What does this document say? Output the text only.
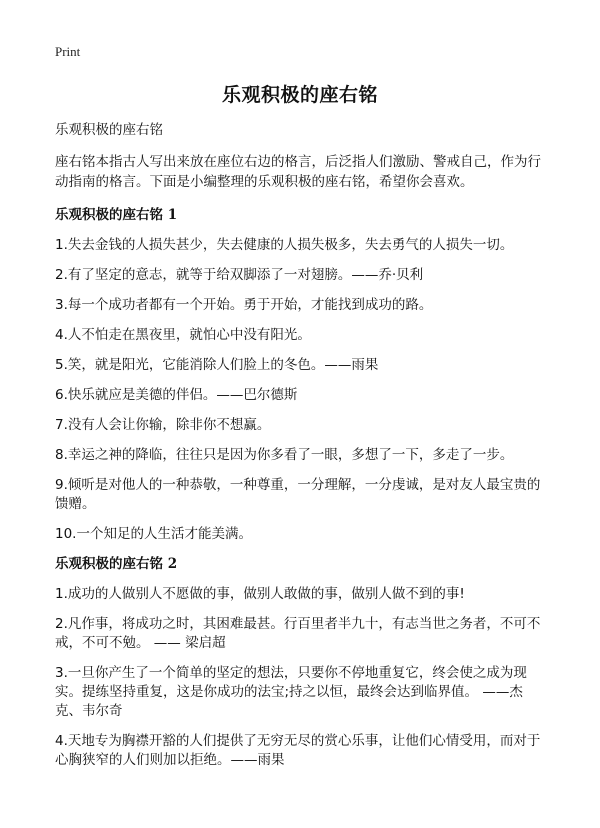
Print
乐观积极的座右铭
乐观积极的座右铭
座右铭本指古人写出来放在座位右边的格言，后泛指人们激励、警戒自己，作为行动指南的格言。下面是小编整理的乐观积极的座右铭，希望你会喜欢。
乐观积极的座右铭 1
1.失去金钱的人损失甚少，失去健康的人损失极多，失去勇气的人损失一切。
2.有了坚定的意志，就等于给双脚添了一对翅膀。——乔·贝利
3.每一个成功者都有一个开始。勇于开始，才能找到成功的路。
4.人不怕走在黑夜里，就怕心中没有阳光。
5.笑，就是阳光，它能消除人们脸上的冬色。——雨果
6.快乐就应是美德的伴侣。——巴尔德斯
7.没有人会让你输，除非你不想赢。
8.幸运之神的降临，往往只是因为你多看了一眼，多想了一下，多走了一步。
9.倾听是对他人的一种恭敬，一种尊重，一分理解，一分虔诚，是对友人最宝贵的馈赠。
10.一个知足的人生活才能美满。
乐观积极的座右铭 2
1.成功的人做别人不愿做的事，做别人敢做的事，做别人做不到的事!
2.凡作事，将成功之时，其困难最甚。行百里者半九十，有志当世之务者，不可不戒，不可不勉。 —— 梁启超
3.一旦你产生了一个简单的坚定的想法，只要你不停地重复它，终会使之成为现实。提练坚持重复，这是你成功的法宝;持之以恒，最终会达到临界值。 ——杰克、韦尔奇
4.天地专为胸襟开豁的人们提供了无穷无尽的赏心乐事，让他们心情受用，而对于心胸狭窄的人们则加以拒绝。——雨果
